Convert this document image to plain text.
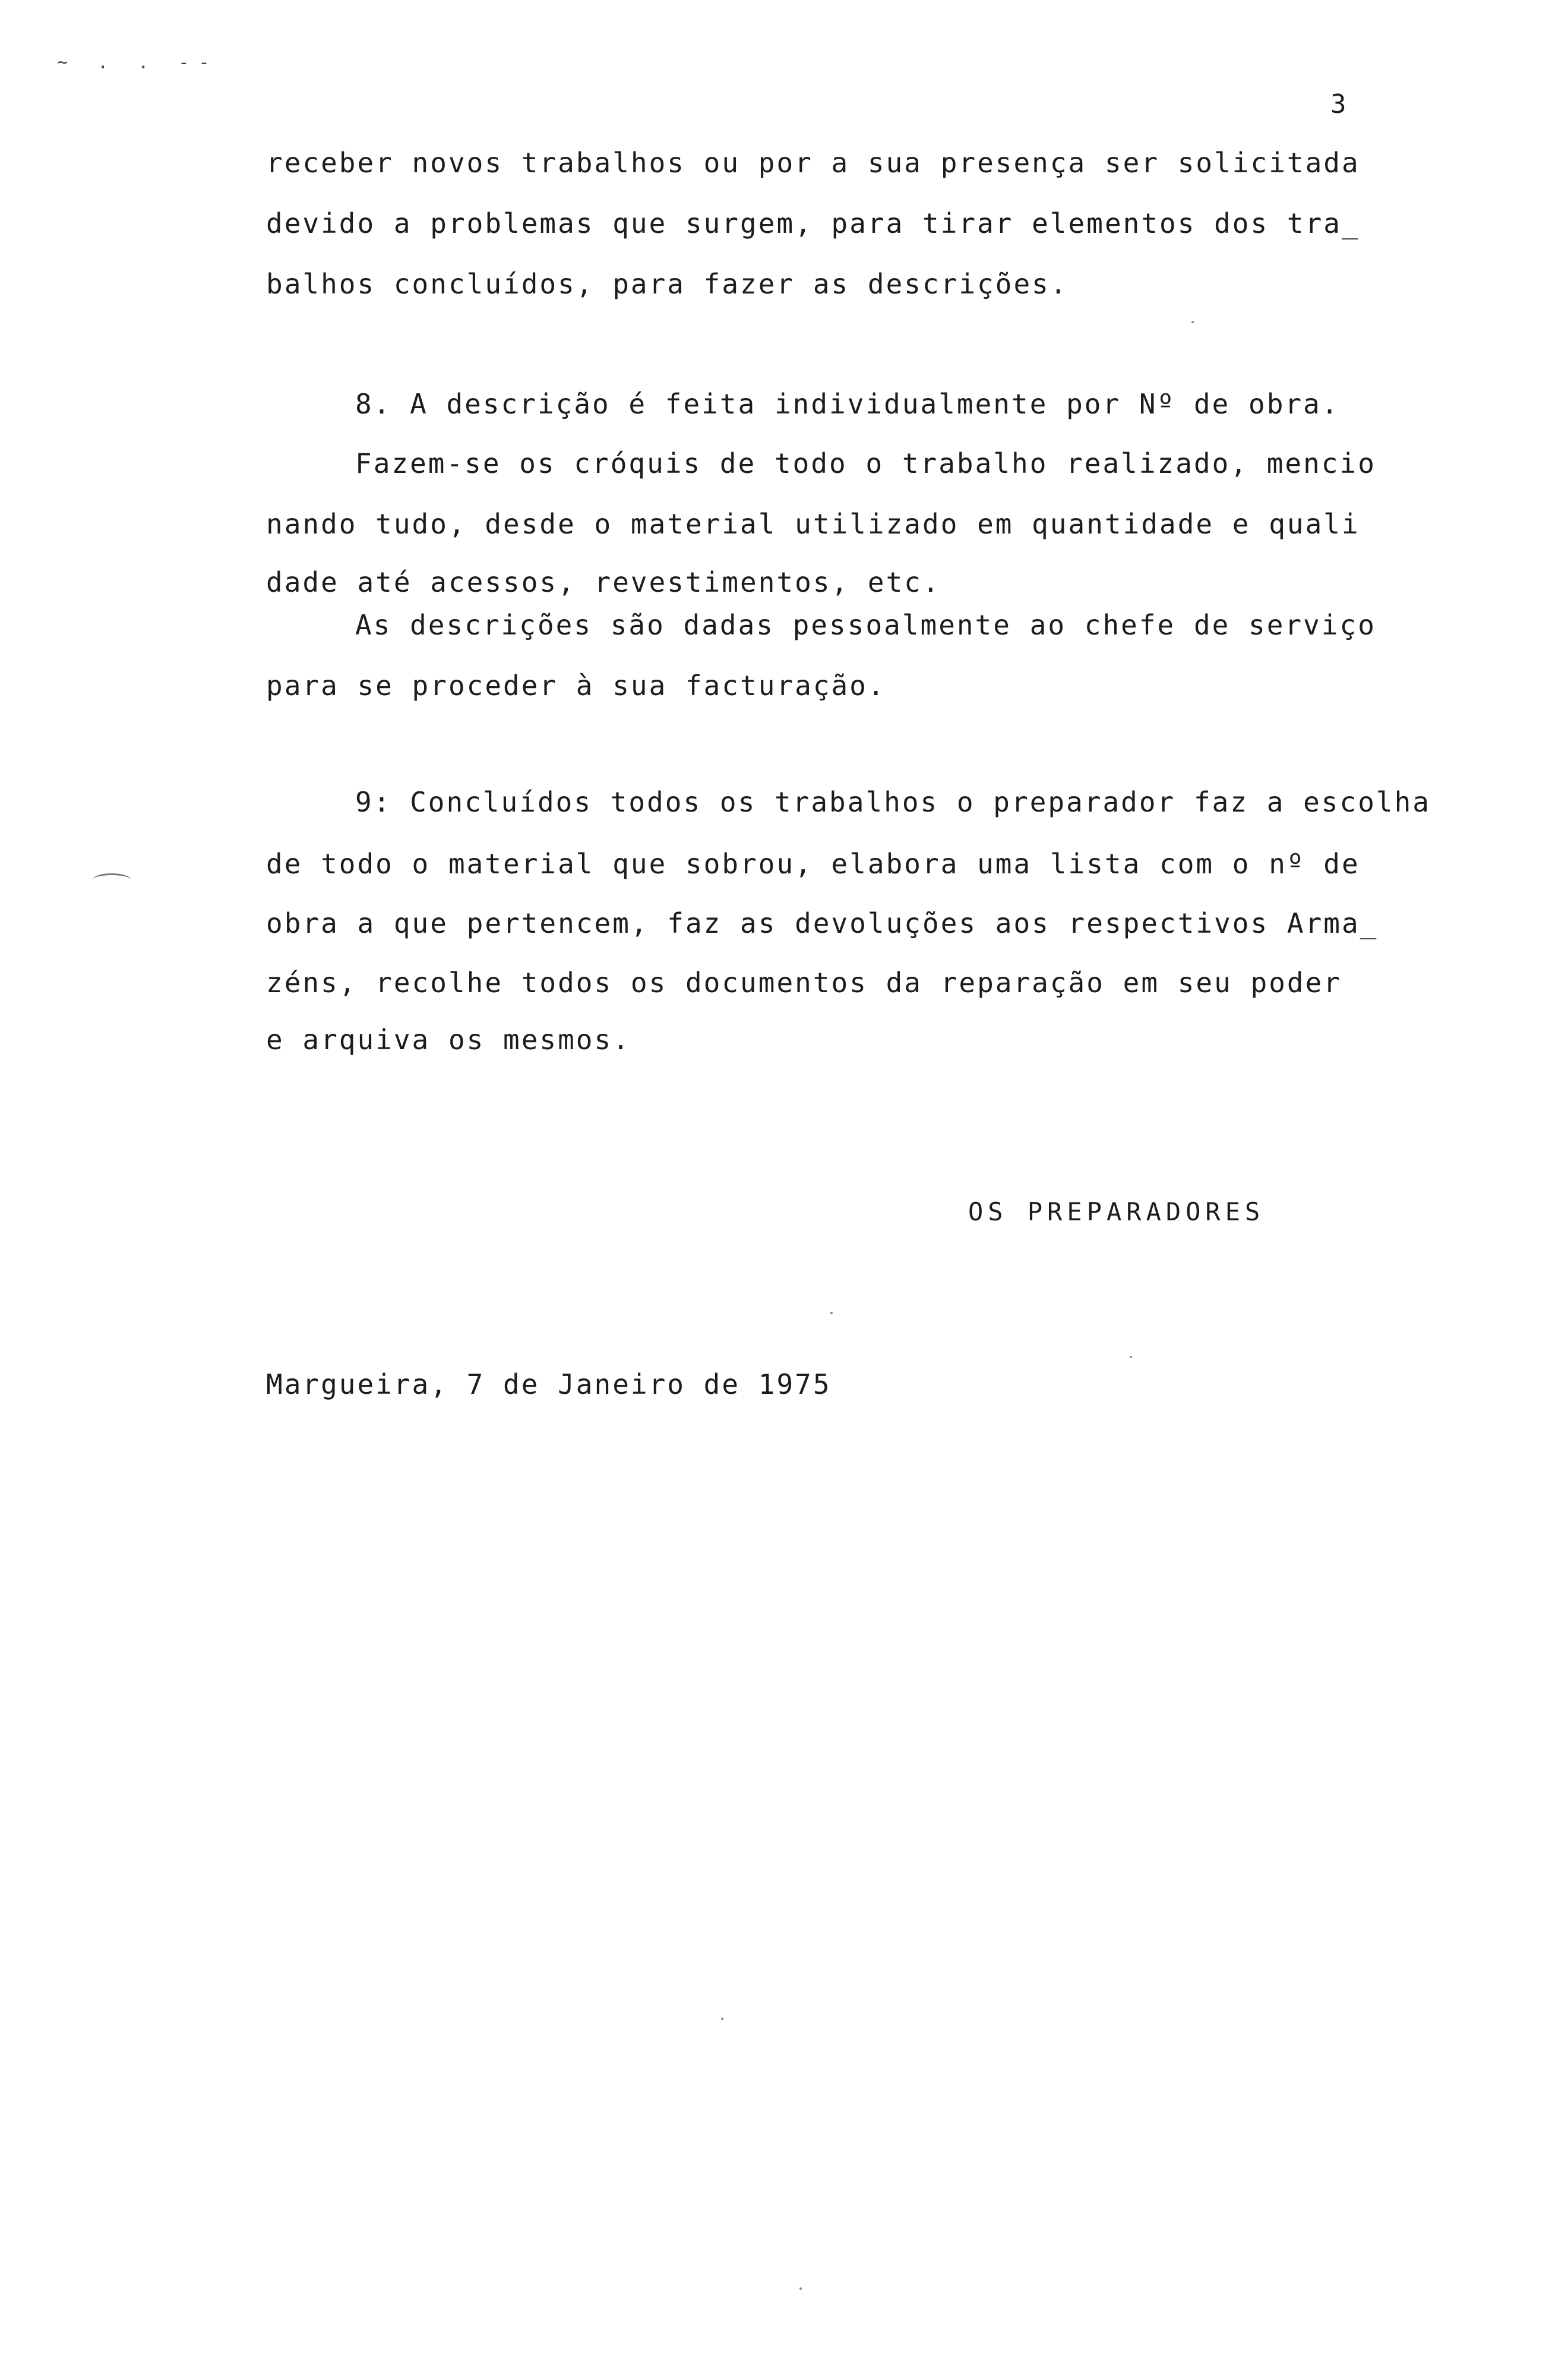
~ . . --
3
receber novos trabalhos ou por a sua presença ser solicitada
devido a problemas que surgem, para tirar elementos dos tra_
balhos concluídos, para fazer as descrições.
8. A descrição é feita individualmente por Nº de obra.
Fazem-se os cróquis de todo o trabalho realizado, mencio
nando tudo, desde o material utilizado em quantidade e quali
dade até acessos, revestimentos, etc.
As descrições são dadas pessoalmente ao chefe de serviço
para se proceder à sua facturação.
9: Concluídos todos os trabalhos o preparador faz a escolha
de todo o material que sobrou, elabora uma lista com o nº de
obra a que pertencem, faz as devoluções aos respectivos Arma_
zéns, recolhe todos os documentos da reparação em seu poder
e arquiva os mesmos.
OS PREPARADORES
Margueira, 7 de Janeiro de 1975
